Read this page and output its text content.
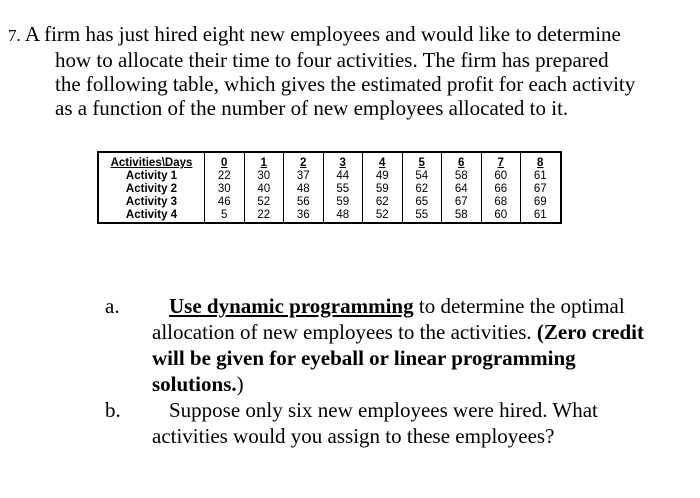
7. A firm has just hired eight new employees and would like to determine
how to allocate their time to four activities. The firm has prepared
the following table, which gives the estimated profit for each activity
as a function of the number of new employees allocated to it.
Activities\Days	0	1	2	3	4	5	6	7	8
Activity 1	22	30	37	44	49	54	58	60	61
Activity 2	30	40	48	55	59	62	64	66	67
Activity 3	46	52	56	59	62	65	67	68	69
Activity 4	5	22	36	48	52	55	58	60	61
a. Use dynamic programming to determine the optimal
allocation of new employees to the activities. (Zero credit
will be given for eyeball or linear programming
solutions.)
b. Suppose only six new employees were hired. What
activities would you assign to these employees?
